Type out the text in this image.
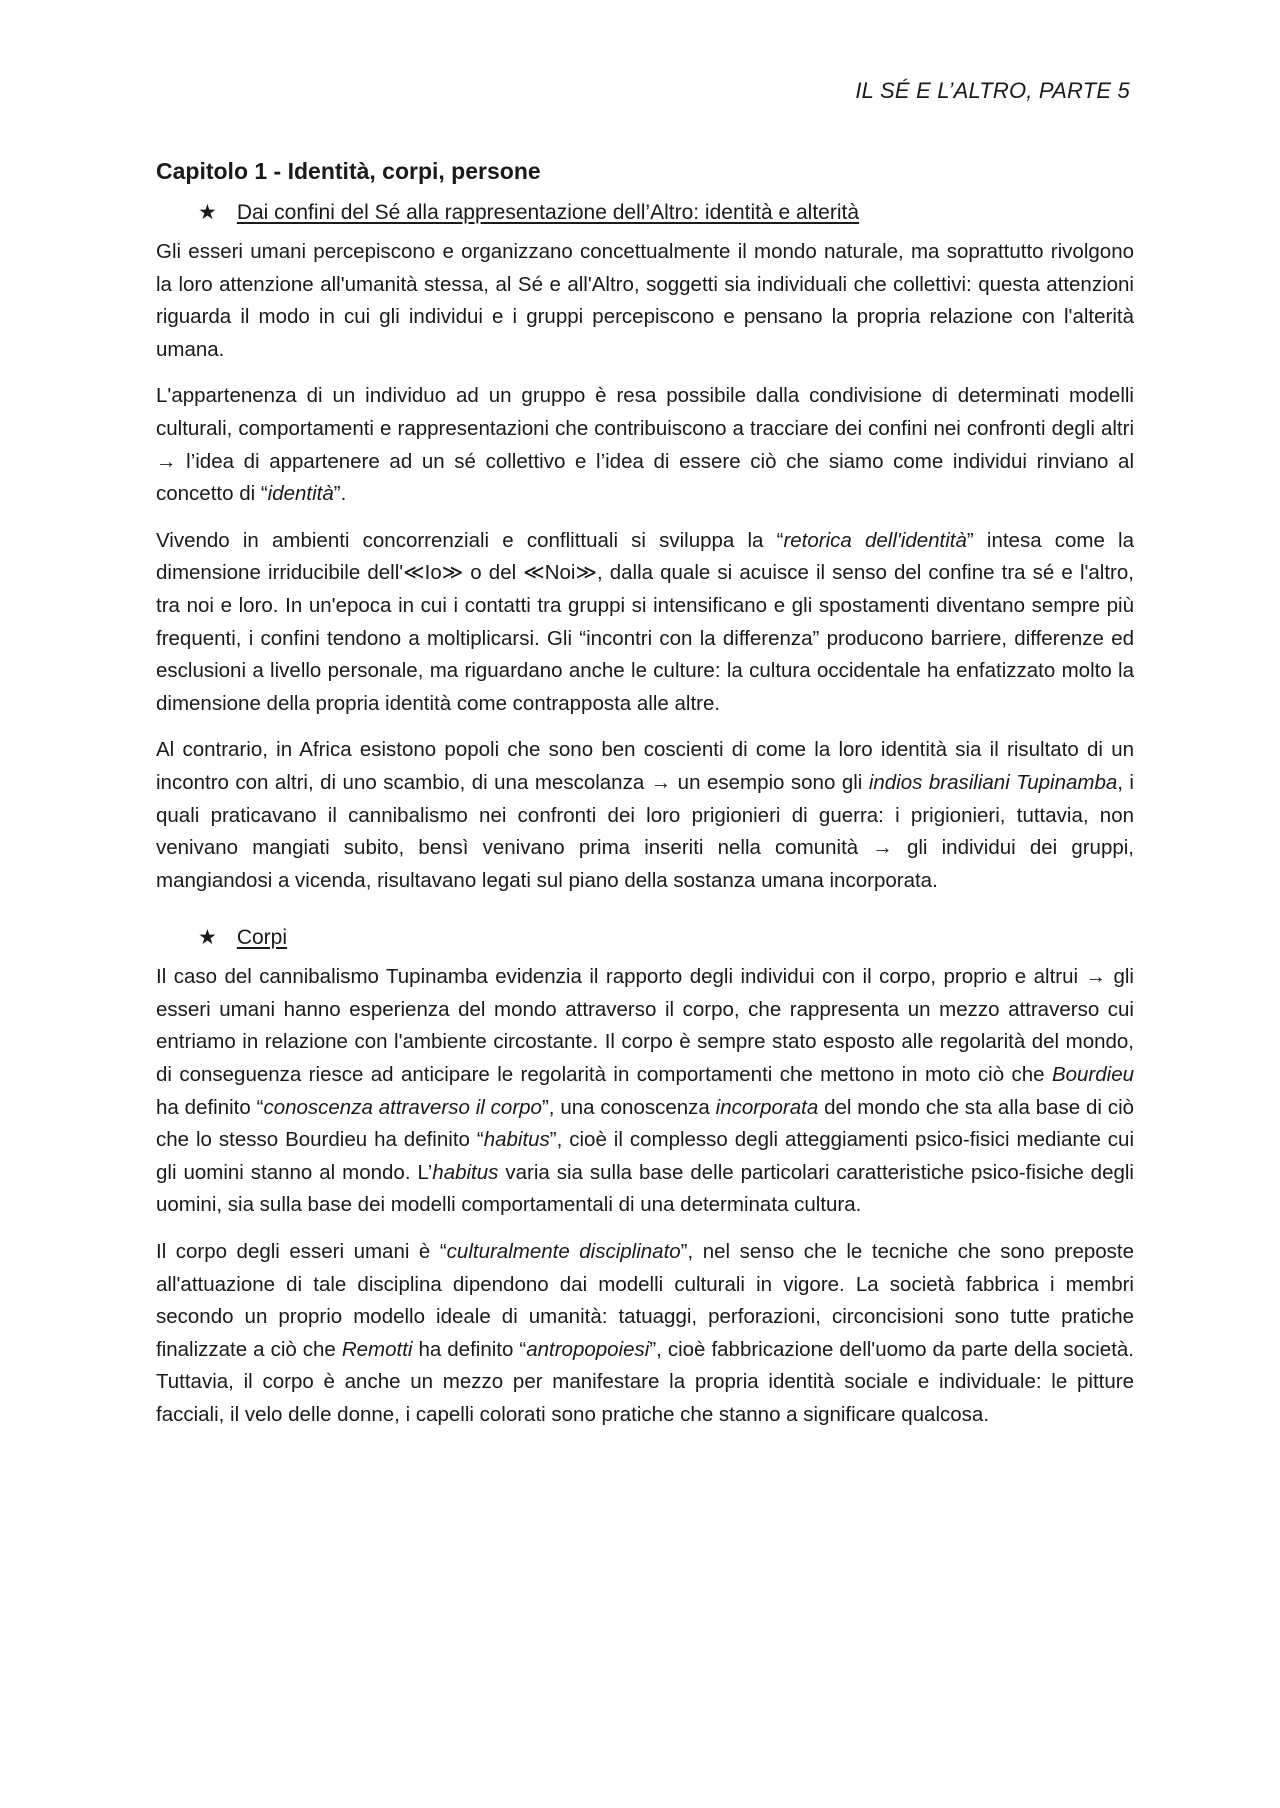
IL SÉ E L’ALTRO, PARTE 5
Capitolo 1 - Identità, corpi, persone
★ Dai confini del Sé alla rappresentazione dell’Altro: identità e alterità

Gli esseri umani percepiscono e organizzano concettualmente il mondo naturale, ma soprattutto rivolgono la loro attenzione all'umanità stessa, al Sé e all'Altro, soggetti sia individuali che collettivi: questa attenzioni riguarda il modo in cui gli individui e i gruppi percepiscono e pensano la propria relazione con l'alterità umana.

L'appartenenza di un individuo ad un gruppo è resa possibile dalla condivisione di determinati modelli culturali, comportamenti e rappresentazioni che contribuiscono a tracciare dei confini nei confronti degli altri → l’idea di appartenere ad un sé collettivo e l’idea di essere ciò che siamo come individui rinviano al concetto di “identità”.

Vivendo in ambienti concorrenziali e conflittuali si sviluppa la “retorica dell'identità” intesa come la dimensione irriducibile dell'≪Io≫ o del ≪Noi≫, dalla quale si acuisce il senso del confine tra sé e l'altro, tra noi e loro. In un'epoca in cui i contatti tra gruppi si intensificano e gli spostamenti diventano sempre più frequenti, i confini tendono a moltiplicarsi. Gli “incontri con la differenza” producono barriere, differenze ed esclusioni a livello personale, ma riguardano anche le culture: la cultura occidentale ha enfatizzato molto la dimensione della propria identità come contrapposta alle altre.

Al contrario, in Africa esistono popoli che sono ben coscienti di come la loro identità sia il risultato di un incontro con altri, di uno scambio, di una mescolanza → un esempio sono gli indios brasiliani Tupinamba, i quali praticavano il cannibalismo nei confronti dei loro prigionieri di guerra: i prigionieri, tuttavia, non venivano mangiati subito, bensì venivano prima inseriti nella comunità → gli individui dei gruppi, mangiandosi a vicenda, risultavano legati sul piano della sostanza umana incorporata.

★ Corpi

Il caso del cannibalismo Tupinamba evidenzia il rapporto degli individui con il corpo, proprio e altrui → gli esseri umani hanno esperienza del mondo attraverso il corpo, che rappresenta un mezzo attraverso cui entriamo in relazione con l'ambiente circostante. Il corpo è sempre stato esposto alle regolarità del mondo, di conseguenza riesce ad anticipare le regolarità in comportamenti che mettono in moto ciò che Bourdieu ha definito “conoscenza attraverso il corpo”, una conoscenza incorporata del mondo che sta alla base di ciò che lo stesso Bourdieu ha definito “habitus”, cioè il complesso degli atteggiamenti psico-fisici mediante cui gli uomini stanno al mondo. L’habitus varia sia sulla base delle particolari caratteristiche psico-fisiche degli uomini, sia sulla base dei modelli comportamentali di una determinata cultura.

Il corpo degli esseri umani è “culturalmente disciplinato”, nel senso che le tecniche che sono preposte all'attuazione di tale disciplina dipendono dai modelli culturali in vigore. La società fabbrica i membri secondo un proprio modello ideale di umanità: tatuaggi, perforazioni, circoncisioni sono tutte pratiche finalizzate a ciò che Remotti ha definito “antropopoiesi”, cioè fabbricazione dell'uomo da parte della società. Tuttavia, il corpo è anche un mezzo per manifestare la propria identità sociale e individuale: le pitture facciali, il velo delle donne, i capelli colorati sono pratiche che stanno a significare qualcosa.
